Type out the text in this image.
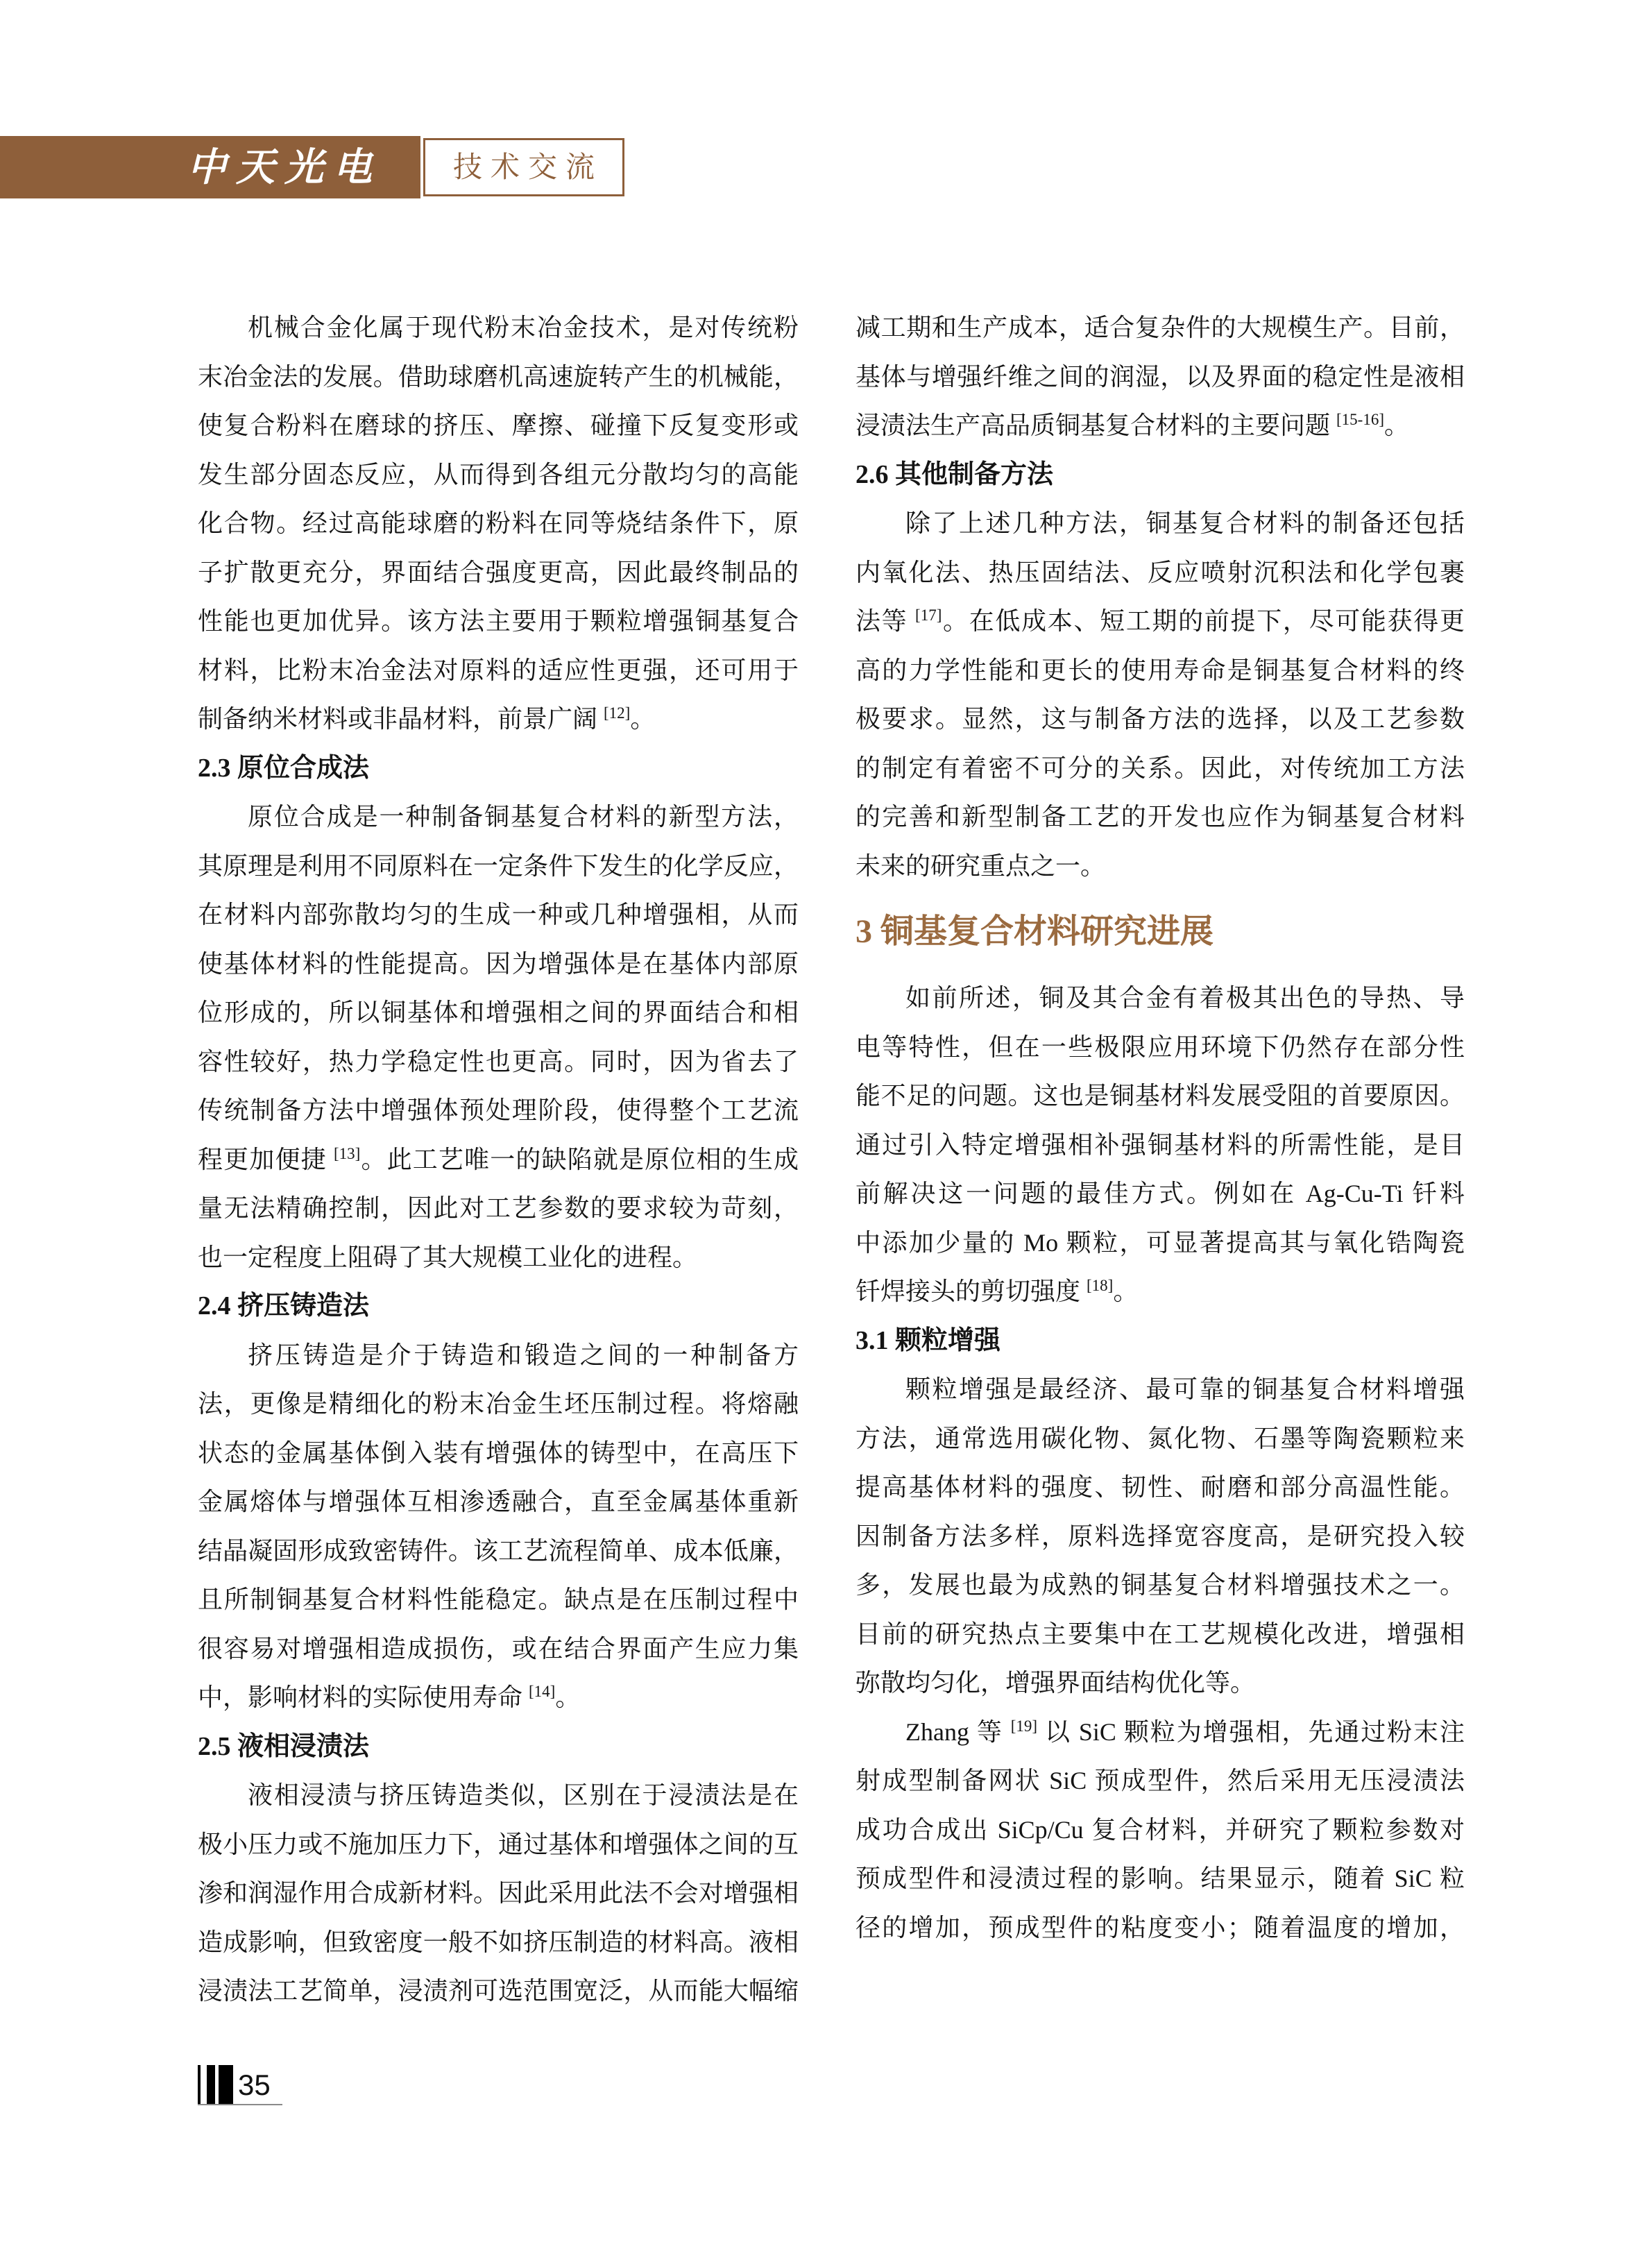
中天光电 技术交流
机械合金化属于现代粉末冶金技术，是对传统粉
末冶金法的发展。借助球磨机高速旋转产生的机械能，
使复合粉料在磨球的挤压、摩擦、碰撞下反复变形或
发生部分固态反应，从而得到各组元分散均匀的高能
化合物。经过高能球磨的粉料在同等烧结条件下，原
子扩散更充分，界面结合强度更高，因此最终制品的
性能也更加优异。该方法主要用于颗粒增强铜基复合
材料，比粉末冶金法对原料的适应性更强，还可用于
制备纳米材料或非晶材料，前景广阔 [12]。
2.3 原位合成法
原位合成是一种制备铜基复合材料的新型方法，
其原理是利用不同原料在一定条件下发生的化学反应，
在材料内部弥散均匀的生成一种或几种增强相，从而
使基体材料的性能提高。因为增强体是在基体内部原
位形成的，所以铜基体和增强相之间的界面结合和相
容性较好，热力学稳定性也更高。同时，因为省去了
传统制备方法中增强体预处理阶段，使得整个工艺流
程更加便捷 [13]。此工艺唯一的缺陷就是原位相的生成
量无法精确控制，因此对工艺参数的要求较为苛刻，
也一定程度上阻碍了其大规模工业化的进程。
2.4 挤压铸造法
挤压铸造是介于铸造和锻造之间的一种制备方
法，更像是精细化的粉末冶金生坯压制过程。将熔融
状态的金属基体倒入装有增强体的铸型中，在高压下
金属熔体与增强体互相渗透融合，直至金属基体重新
结晶凝固形成致密铸件。该工艺流程简单、成本低廉，
且所制铜基复合材料性能稳定。缺点是在压制过程中
很容易对增强相造成损伤，或在结合界面产生应力集
中，影响材料的实际使用寿命 [14]。
2.5 液相浸渍法
液相浸渍与挤压铸造类似，区别在于浸渍法是在
极小压力或不施加压力下，通过基体和增强体之间的互
渗和润湿作用合成新材料。因此采用此法不会对增强相
造成影响，但致密度一般不如挤压制造的材料高。液相
浸渍法工艺简单，浸渍剂可选范围宽泛，从而能大幅缩
减工期和生产成本，适合复杂件的大规模生产。目前，
基体与增强纤维之间的润湿，以及界面的稳定性是液相
浸渍法生产高品质铜基复合材料的主要问题 [15-16]。
2.6 其他制备方法
除了上述几种方法，铜基复合材料的制备还包括
内氧化法、热压固结法、反应喷射沉积法和化学包裹
法等 [17]。在低成本、短工期的前提下，尽可能获得更
高的力学性能和更长的使用寿命是铜基复合材料的终
极要求。显然，这与制备方法的选择，以及工艺参数
的制定有着密不可分的关系。因此，对传统加工方法
的完善和新型制备工艺的开发也应作为铜基复合材料
未来的研究重点之一。
3 铜基复合材料研究进展
如前所述，铜及其合金有着极其出色的导热、导
电等特性，但在一些极限应用环境下仍然存在部分性
能不足的问题。这也是铜基材料发展受阻的首要原因。
通过引入特定增强相补强铜基材料的所需性能，是目
前解决这一问题的最佳方式。例如在 Ag-Cu-Ti 钎料
中添加少量的 Mo 颗粒，可显著提高其与氧化锆陶瓷
钎焊接头的剪切强度 [18]。
3.1 颗粒增强
颗粒增强是最经济、最可靠的铜基复合材料增强
方法，通常选用碳化物、氮化物、石墨等陶瓷颗粒来
提高基体材料的强度、韧性、耐磨和部分高温性能。
因制备方法多样，原料选择宽容度高，是研究投入较
多，发展也最为成熟的铜基复合材料增强技术之一。
目前的研究热点主要集中在工艺规模化改进，增强相
弥散均匀化，增强界面结构优化等。
Zhang 等 [19] 以 SiC 颗粒为增强相，先通过粉末注
射成型制备网状 SiC 预成型件，然后采用无压浸渍法
成功合成出 SiCp/Cu 复合材料，并研究了颗粒参数对
预成型件和浸渍过程的影响。结果显示，随着 SiC 粒
径的增加，预成型件的粘度变小；随着温度的增加，
35
